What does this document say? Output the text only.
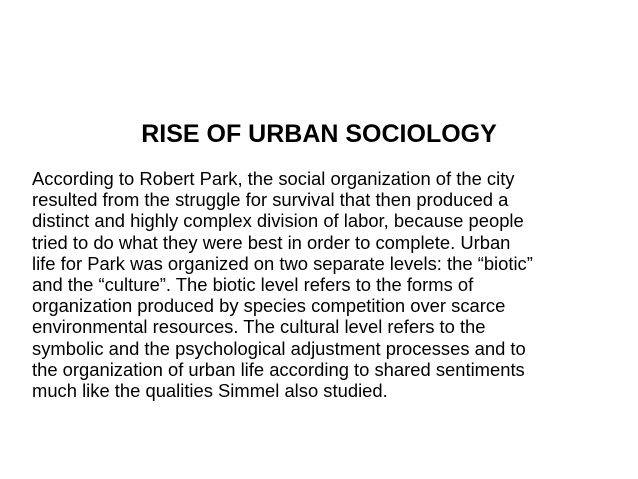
RISE OF URBAN SOCIOLOGY
According to Robert Park, the social organization of the city
resulted from the struggle for survival that then produced a
distinct and highly complex division of labor, because people
tried to do what they were best in order to complete. Urban
life for Park was organized on two separate levels: the “biotic”
and the “culture”. The biotic level refers to the forms of
organization produced by species competition over scarce
environmental resources. The cultural level refers to the
symbolic and the psychological adjustment processes and to
the organization of urban life according to shared sentiments
much like the qualities Simmel also studied.
